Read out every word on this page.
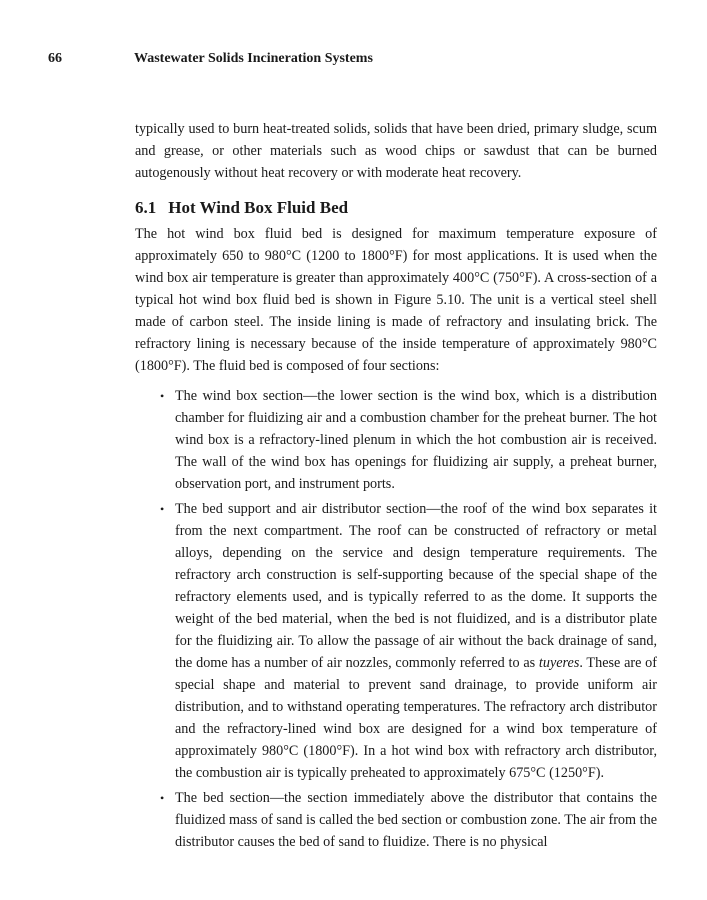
66	Wastewater Solids Incineration Systems

typically used to burn heat-treated solids, solids that have been dried, primary sludge, scum and grease, or other materials such as wood chips or sawdust that can be burned autogenously without heat recovery or with moderate heat recovery.

6.1 Hot Wind Box Fluid Bed

The hot wind box fluid bed is designed for maximum temperature exposure of approximately 650 to 980°C (1200 to 1800°F) for most applications. It is used when the wind box air temperature is greater than approximately 400°C (750°F). A cross-section of a typical hot wind box fluid bed is shown in Figure 5.10. The unit is a vertical steel shell made of carbon steel. The inside lining is made of refractory and insulating brick. The refractory lining is necessary because of the inside temperature of approximately 980°C (1800°F). The fluid bed is composed of four sections:

• The wind box section—the lower section is the wind box, which is a distribution chamber for fluidizing air and a combustion chamber for the preheat burner. The hot wind box is a refractory-lined plenum in which the hot combustion air is received. The wall of the wind box has openings for fluidizing air supply, a preheat burner, observation port, and instrument ports.
• The bed support and air distributor section—the roof of the wind box separates it from the next compartment. The roof can be constructed of refractory or metal alloys, depending on the service and design temperature requirements. The refractory arch construction is self-supporting because of the special shape of the refractory elements used, and is typically referred to as the dome. It supports the weight of the bed material, when the bed is not fluidized, and is a distributor plate for the fluidizing air. To allow the passage of air without the back drainage of sand, the dome has a number of air nozzles, commonly referred to as tuyeres. These are of special shape and material to prevent sand drainage, to provide uniform air distribution, and to withstand operating temperatures. The refractory arch distributor and the refractory-lined wind box are designed for a wind box temperature of approximately 980°C (1800°F). In a hot wind box with refractory arch distributor, the combustion air is typically preheated to approximately 675°C (1250°F).
• The bed section—the section immediately above the distributor that contains the fluidized mass of sand is called the bed section or combustion zone. The air from the distributor causes the bed of sand to fluidize. There is no physical
